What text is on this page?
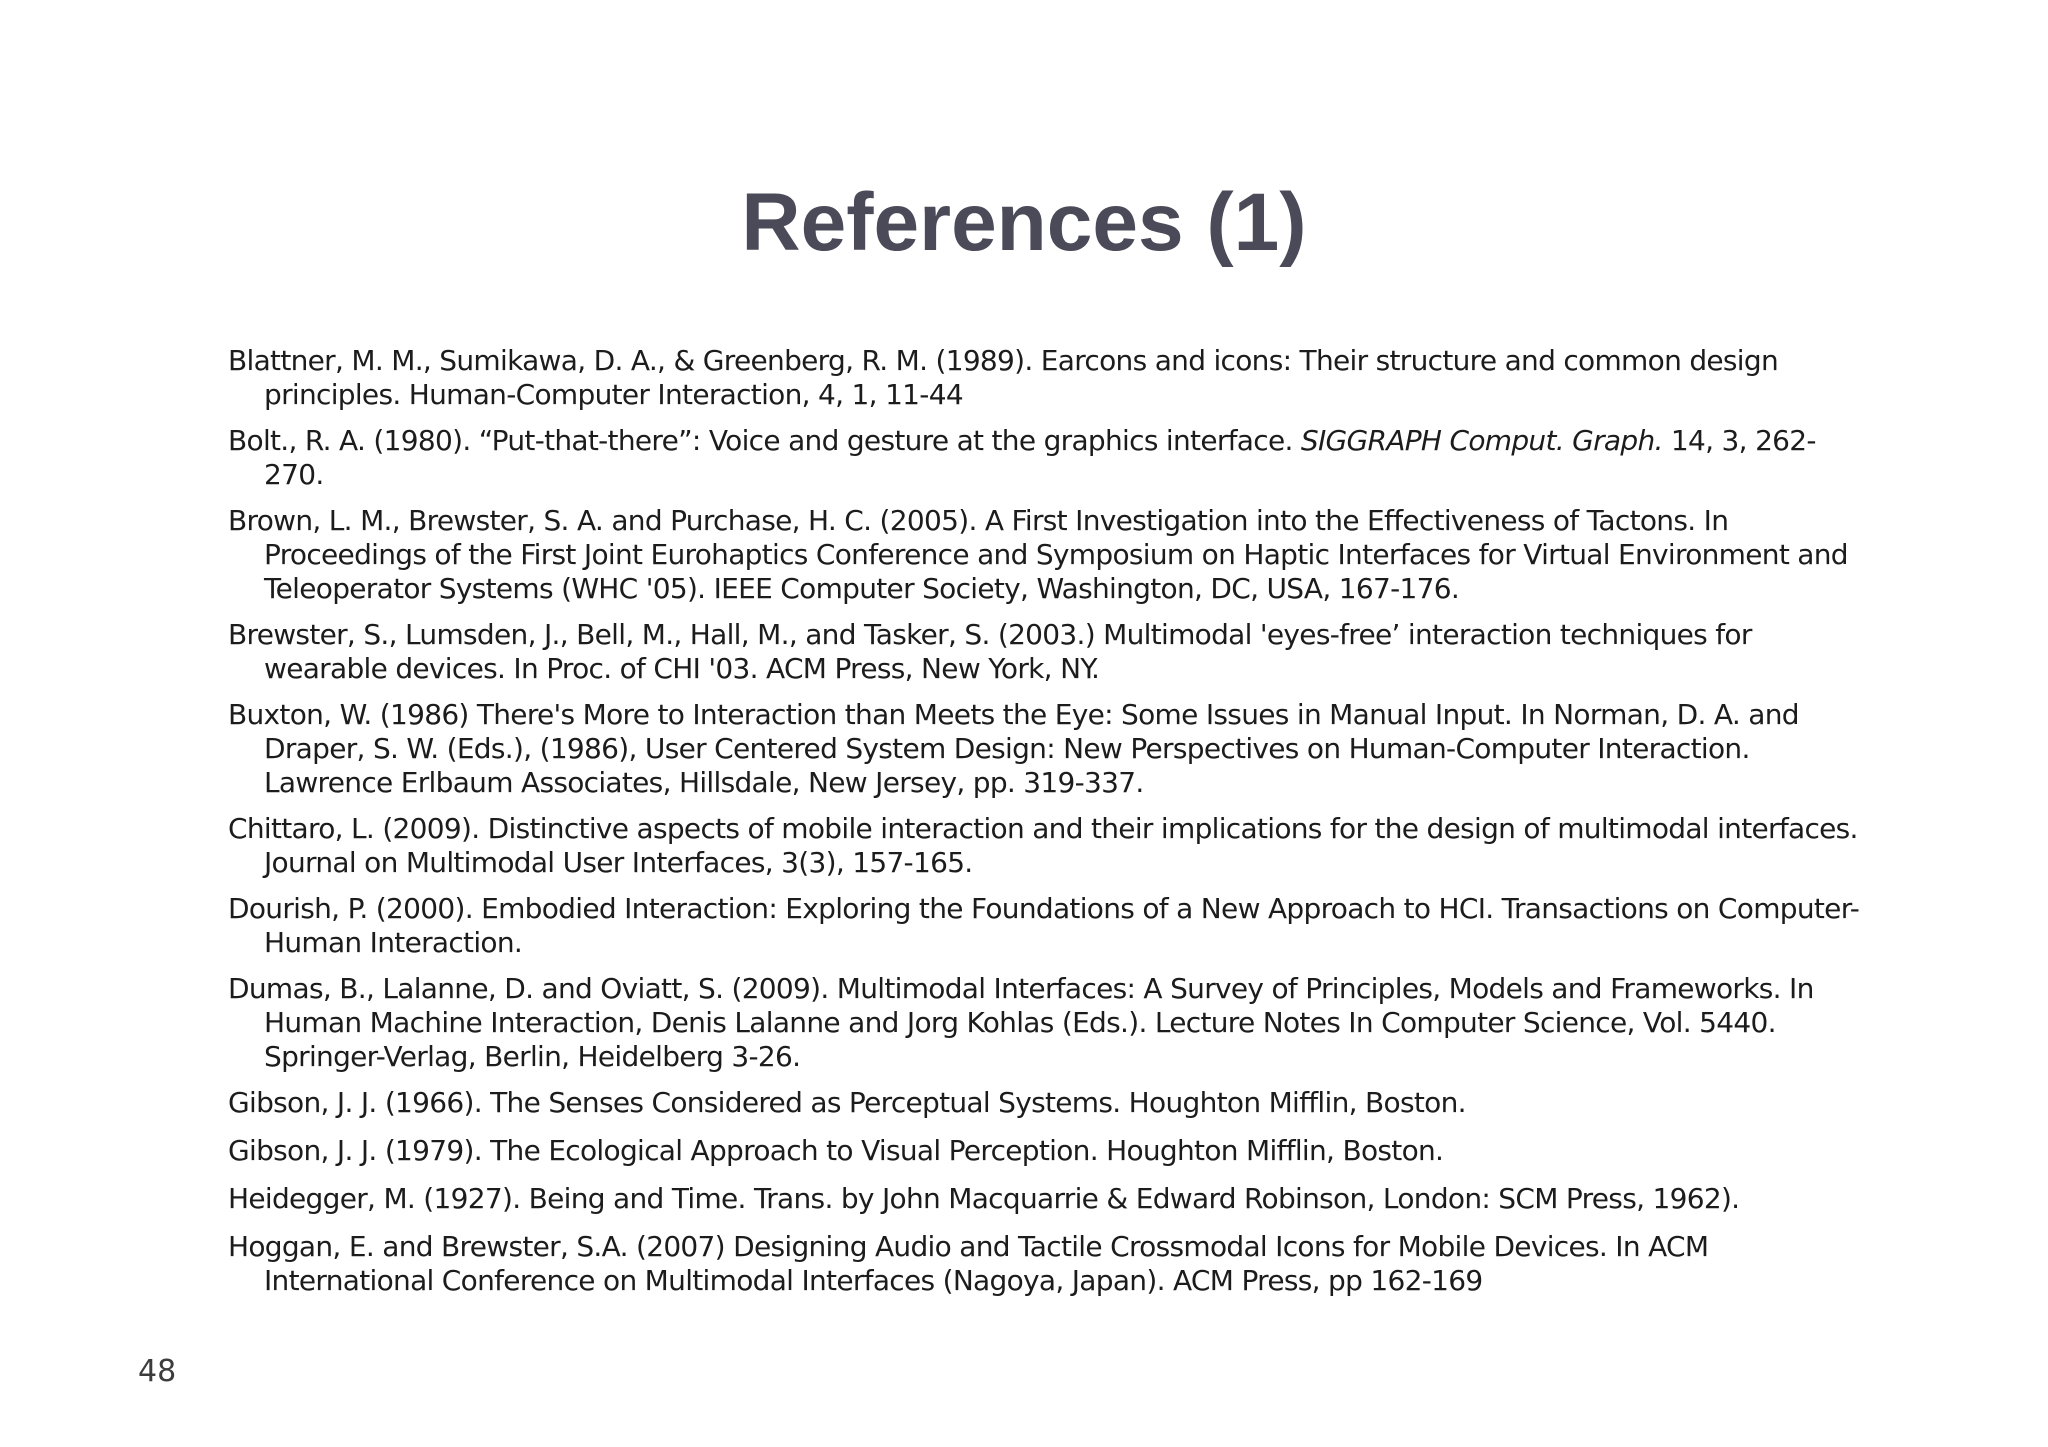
References (1)
Blattner, M. M., Sumikawa, D. A., & Greenberg, R. M. (1989). Earcons and icons: Their structure and common design principles. Human-Computer Interaction, 4, 1, 11-44
Bolt., R. A. (1980). “Put-that-there”: Voice and gesture at the graphics interface. SIGGRAPH Comput. Graph. 14, 3, 262-270.
Brown, L. M., Brewster, S. A. and Purchase, H. C. (2005). A First Investigation into the Effectiveness of Tactons. In Proceedings of the First Joint Eurohaptics Conference and Symposium on Haptic Interfaces for Virtual Environment and Teleoperator Systems (WHC '05). IEEE Computer Society, Washington, DC, USA, 167-176.
Brewster, S., Lumsden, J., Bell, M., Hall, M., and Tasker, S. (2003.) Multimodal 'eyes-free’ interaction techniques for wearable devices. In Proc. of CHI '03. ACM Press, New York, NY.
Buxton, W. (1986) There's More to Interaction than Meets the Eye: Some Issues in Manual Input. In Norman, D. A. and Draper, S. W. (Eds.), (1986), User Centered System Design: New Perspectives on Human-Computer Interaction. Lawrence Erlbaum Associates, Hillsdale, New Jersey, pp. 319-337.
Chittaro, L. (2009). Distinctive aspects of mobile interaction and their implications for the design of multimodal interfaces. Journal on Multimodal User Interfaces, 3(3), 157-165.
Dourish, P. (2000). Embodied Interaction: Exploring the Foundations of a New Approach to HCI. Transactions on Computer-Human Interaction.
Dumas, B., Lalanne, D. and Oviatt, S. (2009). Multimodal Interfaces: A Survey of Principles, Models and Frameworks. In Human Machine Interaction, Denis Lalanne and Jorg Kohlas (Eds.). Lecture Notes In Computer Science, Vol. 5440. Springer-Verlag, Berlin, Heidelberg 3-26.
Gibson, J. J. (1966). The Senses Considered as Perceptual Systems. Houghton Mifflin, Boston.
Gibson, J. J. (1979). The Ecological Approach to Visual Perception. Houghton Mifflin, Boston.
Heidegger, M. (1927). Being and Time. Trans. by John Macquarrie & Edward Robinson, London: SCM Press, 1962).
Hoggan, E. and Brewster, S.A. (2007) Designing Audio and Tactile Crossmodal Icons for Mobile Devices. In ACM International Conference on Multimodal Interfaces (Nagoya, Japan). ACM Press, pp 162-169
48
